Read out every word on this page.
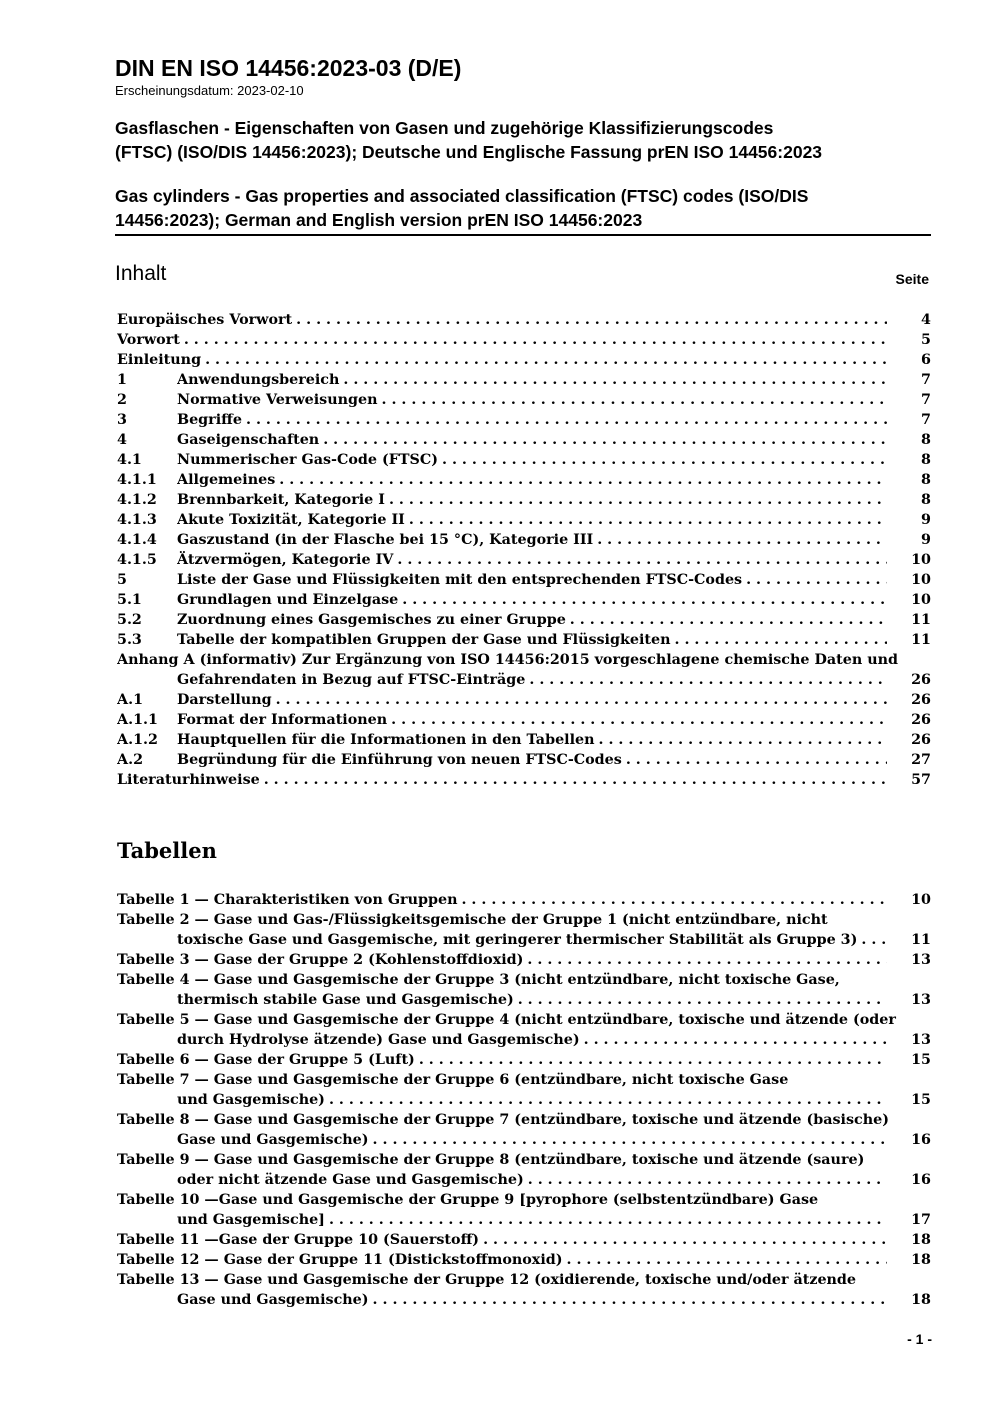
DIN EN ISO 14456:2023-03 (D/E)
Erscheinungsdatum: 2023-02-10
Gasflaschen - Eigenschaften von Gasen und zugehörige Klassifizierungscodes
(FTSC) (ISO/DIS 14456:2023); Deutsche und Englische Fassung prEN ISO 14456:2023
Gas cylinders - Gas properties and associated classification (FTSC) codes (ISO/DIS
14456:2023); German and English version prEN ISO 14456:2023
Inhalt	Seite
Europäisches Vorwort . . .	4
Vorwort . . .	5
Einleitung . . .	6
1	Anwendungsbereich . . .	7
2	Normative Verweisungen . . .	7
3	Begriffe . . .	7
4	Gaseigenschaften . . .	8
4.1 Nummerischer Gas-Code (FTSC) . . .	8
4.1.1 Allgemeines . . .	8
4.1.2 Brennbarkeit, Kategorie I . . .	8
4.1.3 Akute Toxizität, Kategorie II . . .	9
4.1.4 Gaszustand (in der Flasche bei 15 °C), Kategorie III . . .	9
4.1.5 Ätzvermögen, Kategorie IV . . .	10
5	Liste der Gase und Flüssigkeiten mit den entsprechenden FTSC-Codes . . .	10
5.1 Grundlagen und Einzelgase . . .	10
5.2 Zuordnung eines Gasgemisches zu einer Gruppe . . .	11
5.3 Tabelle der kompatiblen Gruppen der Gase und Flüssigkeiten . . .	11
Anhang A (informativ) Zur Ergänzung von ISO 14456:2015 vorgeschlagene chemische Daten und
Gefahrendaten in Bezug auf FTSC-Einträge . . .	26
A.1 Darstellung . . .	26
A.1.1 Format der Informationen . . .	26
A.1.2 Hauptquellen für die Informationen in den Tabellen . . .	26
A.2 Begründung für die Einführung von neuen FTSC-Codes . . .	27
Literaturhinweise . . .	57
Tabellen
Tabelle 1 — Charakteristiken von Gruppen . . .	10
Tabelle 2 — Gase und Gas-/Flüssigkeitsgemische der Gruppe 1 (nicht entzündbare, nicht
toxische Gase und Gasgemische, mit geringerer thermischer Stabilität als Gruppe 3) . . .	11
Tabelle 3 — Gase der Gruppe 2 (Kohlenstoffdioxid) . . .	13
Tabelle 4 — Gase und Gasgemische der Gruppe 3 (nicht entzündbare, nicht toxische Gase,
thermisch stabile Gase und Gasgemische) . . .	13
Tabelle 5 — Gase und Gasgemische der Gruppe 4 (nicht entzündbare, toxische und ätzende (oder
durch Hydrolyse ätzende) Gase und Gasgemische) . . .	13
Tabelle 6 — Gase der Gruppe 5 (Luft) . . .	15
Tabelle 7 — Gase und Gasgemische der Gruppe 6 (entzündbare, nicht toxische Gase
und Gasgemische) . . .	15
Tabelle 8 — Gase und Gasgemische der Gruppe 7 (entzündbare, toxische und ätzende (basische)
Gase und Gasgemische) . . .	16
Tabelle 9 — Gase und Gasgemische der Gruppe 8 (entzündbare, toxische und ätzende (saure)
oder nicht ätzende Gase und Gasgemische) . . .	16
Tabelle 10 —Gase und Gasgemische der Gruppe 9 [pyrophore (selbstentzündbare) Gase
und Gasgemische] . . .	17
Tabelle 11 —Gase der Gruppe 10 (Sauerstoff) . . .	18
Tabelle 12 — Gase der Gruppe 11 (Distickstoffmonoxid) . . .	18
Tabelle 13 — Gase und Gasgemische der Gruppe 12 (oxidierende, toxische und/oder ätzende
Gase und Gasgemische) . . .	18
- 1 -
